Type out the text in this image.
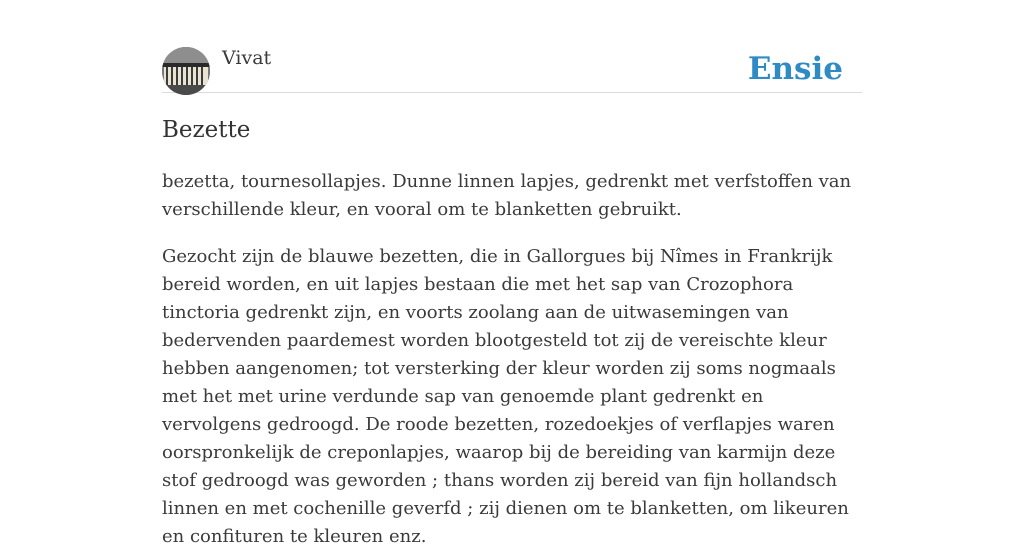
Vivat	Ensie
Bezette

bezetta, tournesollapjes. Dunne linnen lapjes, gedrenkt met verfstoffen van verschillende kleur, en vooral om te blanketten gebruikt.

Gezocht zijn de blauwe bezetten, die in Gallorgues bij Nîmes in Frankrijk bereid worden, en uit lapjes bestaan die met het sap van Crozophora tinctoria gedrenkt zijn, en voorts zoolang aan de uitwasemingen van bedervenden paardemest worden blootgesteld tot zij de vereischte kleur hebben aangenomen; tot versterking der kleur worden zij soms nogmaals met het met urine verdunde sap van genoemde plant gedrenkt en vervolgens gedroogd. De roode bezetten, rozedoekjes of verflapjes waren oorspronkelijk de creponlapjes, waarop bij de bereiding van karmijn deze stof gedroogd was geworden ; thans worden zij bereid van fijn hollandsch linnen en met cochenille geverfd ; zij dienen om te blanketten, om likeuren en confituren te kleuren enz.
